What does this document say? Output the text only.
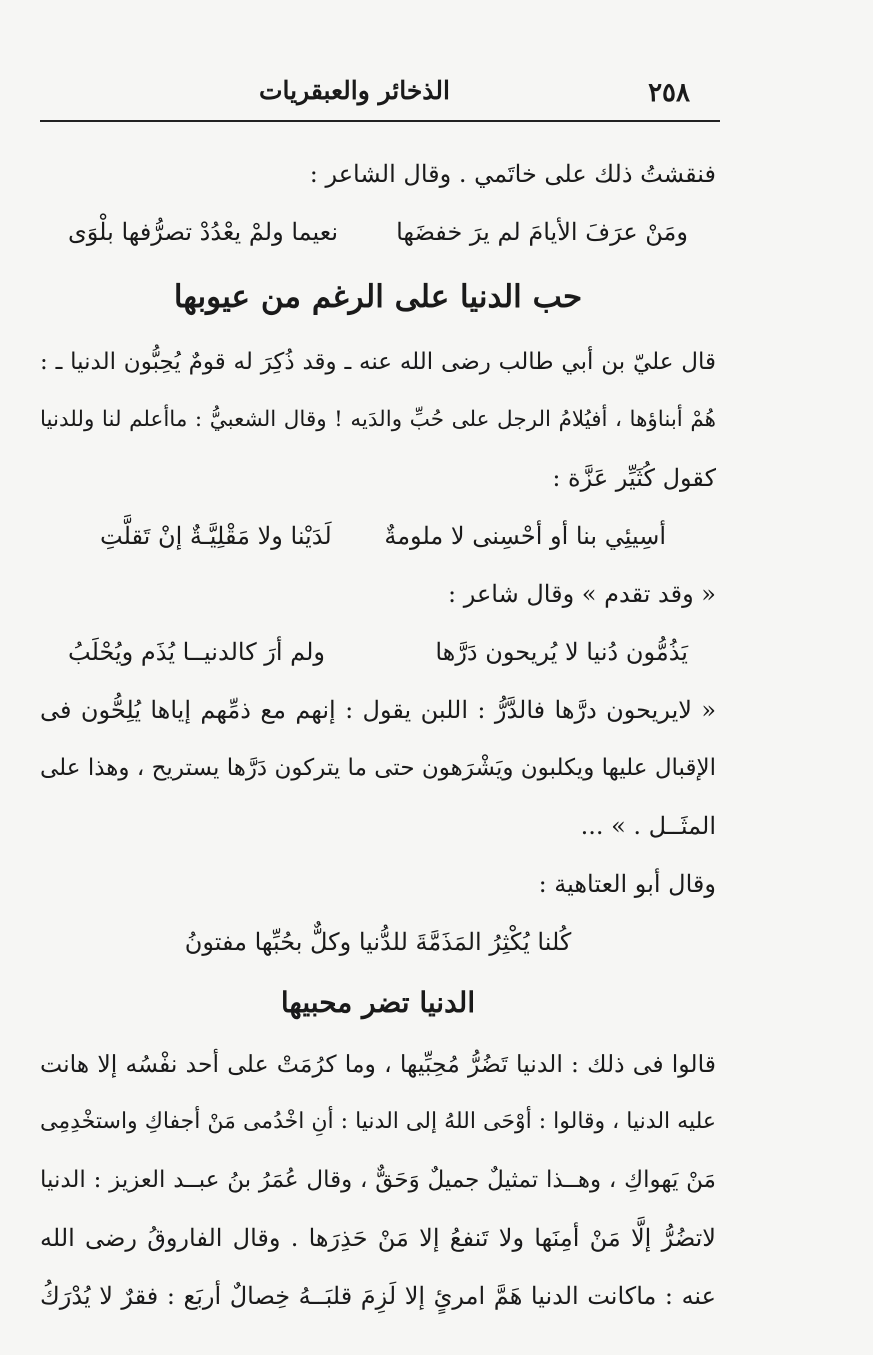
٢٥٨
الذخائر والعبقريات
فنقشتُ ذلك على خاتَمي . وقال الشاعر :
ومَنْ عرَفَ الأيامَ لم يرَ خفضَها
نعيما ولمْ يعْدُدْ تصرُّفها بلْوَى
حب الدنيا على الرغم من عيوبها
قال عليّ بن أبي طالب رضى الله عنه ـ وقد ذُكِرَ له قومٌ يُحِبُّون الدنيا ـ :
هُمْ أبناؤها ، أفيُلامُ الرجل على حُبِّ والدَيه ! وقال الشعبيُّ : ماأعلم لنا وللدنيا
كقول كُثَيِّر عَزَّة :
أسِيئِي بنا أو أحْسِنى لا ملومةٌ
لَدَيْنا ولا مَقْلِيَّـةٌ إنْ تَقلَّتِ
« وقد تقدم » وقال شاعر :
يَذُمُّون دُنيا لا يُريحون دَرَّها
ولم أرَ كالدنيــا يُذَم ويُحْلَبُ
« لايريحون درَّها فالدَّرُّ : اللبن يقول : إنهم مع ذمِّهم إياها يُلِحُّون فى
الإقبال عليها ويكلبون ويَشْرَهون حتى ما يتركون دَرَّها يستريح ، وهذا على
المثَــل . » ...
وقال أبو العتاهية :
كُلنا يُكْثِرُ المَذَمَّةَ للدُّنيا وكلٌّ بحُبِّها مفتونُ
الدنيا تضر محبيها
قالوا فى ذلك : الدنيا تَضُرُّ مُحِبِّيها ، وما كرُمَتْ على أحد نفْسُه إلا هانت
عليه الدنيا ، وقالوا : أوْحَى اللهُ إلى الدنيا : أنِ اخْدُمى مَنْ أجفاكِ واستخْدِمِى
مَنْ يَهواكِ ، وهــذا تمثيلٌ جميلٌ وَحَقٌّ ، وقال عُمَرُ بنُ عبــد العزيز : الدنيا
لاتضُرُّ إلَّا مَنْ أمِنَها ولا تَنفعُ إلا مَنْ حَذِرَها . وقال الفاروقُ رضى الله
عنه : ماكانت الدنيا هَمَّ امرئٍ إلا لَزِمَ قلبَــهُ خِصالٌ أربَع : فقرٌ لا يُدْرَكُ
